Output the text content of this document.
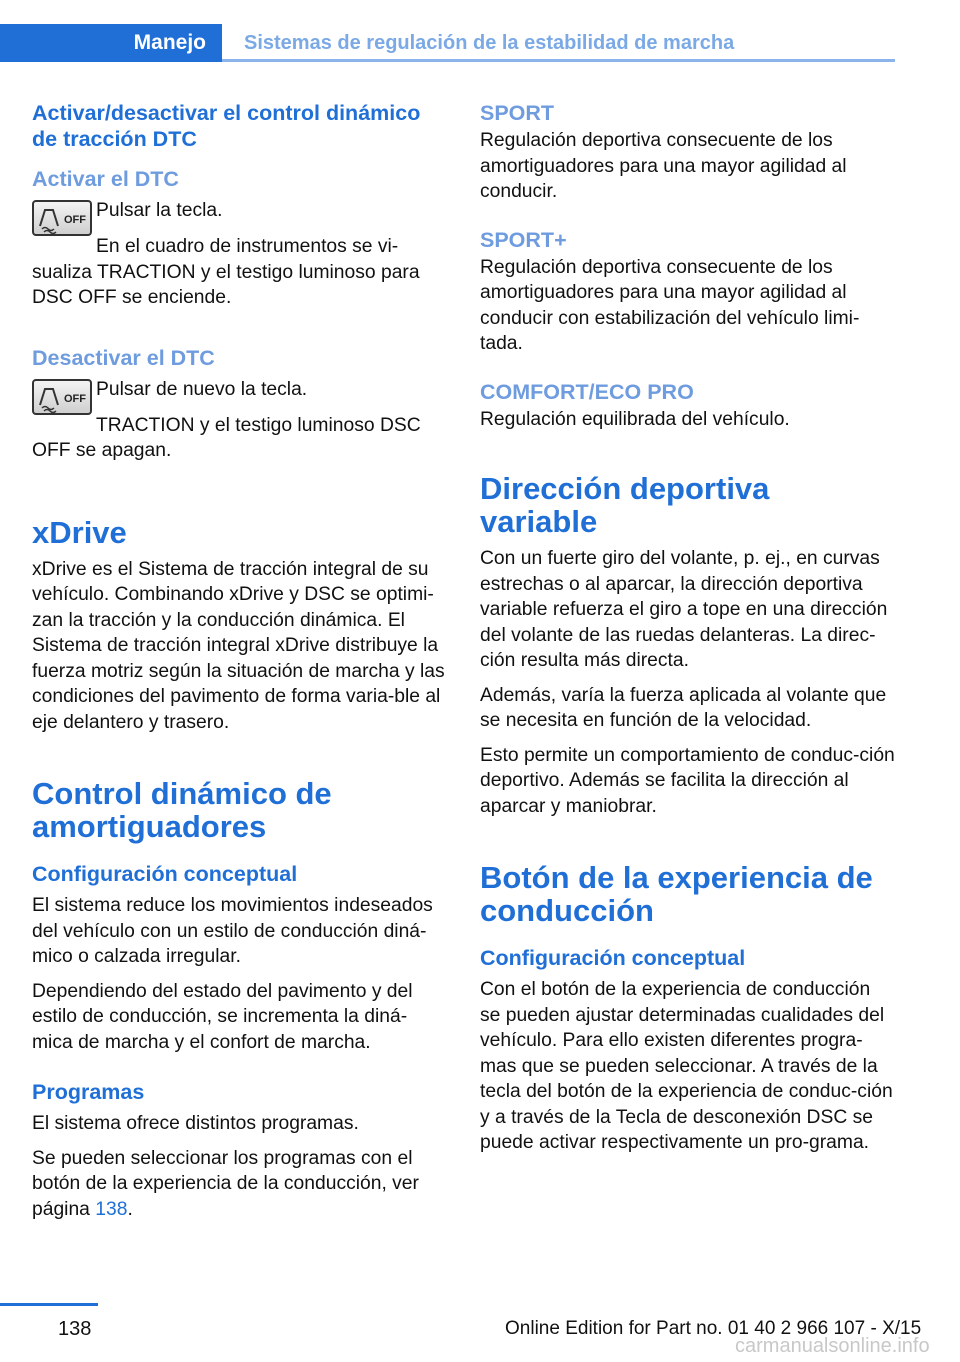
Manejo	Sistemas de regulación de la estabilidad de marcha

Activar/desactivar el control dinámico de tracción DTC

Activar el DTC

OFF Pulsar la tecla.

En el cuadro de instrumentos se vi-sualiza TRACTION y el testigo luminoso para DSC OFF se enciende.

Desactivar el DTC

OFF Pulsar de nuevo la tecla.

TRACTION y el testigo luminoso DSC OFF se apagan.

xDrive

xDrive es el Sistema de tracción integral de su vehículo. Combinando xDrive y DSC se optimi-zan la tracción y la conducción dinámica. El Sistema de tracción integral xDrive distribuye la fuerza motriz según la situación de marcha y las condiciones del pavimento de forma varia-ble al eje delantero y trasero.

Control dinámico de amortiguadores

Configuración conceptual

El sistema reduce los movimientos indeseados del vehículo con un estilo de conducción diná-mico o calzada irregular.

Dependiendo del estado del pavimento y del estilo de conducción, se incrementa la diná-mica de marcha y el confort de marcha.

Programas

El sistema ofrece distintos programas.

Se pueden seleccionar los programas con el botón de la experiencia de la conducción, ver página 138.

SPORT

Regulación deportiva consecuente de los amortiguadores para una mayor agilidad al conducir.

SPORT+

Regulación deportiva consecuente de los amortiguadores para una mayor agilidad al conducir con estabilización del vehículo limi-tada.

COMFORT/ECO PRO

Regulación equilibrada del vehículo.

Dirección deportiva variable

Con un fuerte giro del volante, p. ej., en curvas estrechas o al aparcar, la dirección deportiva variable refuerza el giro a tope en una dirección del volante de las ruedas delanteras. La direc-ción resulta más directa.

Además, varía la fuerza aplicada al volante que se necesita en función de la velocidad.

Esto permite un comportamiento de conduc-ción deportivo. Además se facilita la dirección al aparcar y maniobrar.

Botón de la experiencia de conducción

Configuración conceptual

Con el botón de la experiencia de conducción se pueden ajustar determinadas cualidades del vehículo. Para ello existen diferentes progra-mas que se pueden seleccionar. A través de la tecla del botón de la experiencia de conduc-ción y a través de la Tecla de desconexión DSC se puede activar respectivamente un pro-grama.

138	Online Edition for Part no. 01 40 2 966 107 - X/15
carmanualsonline.info
